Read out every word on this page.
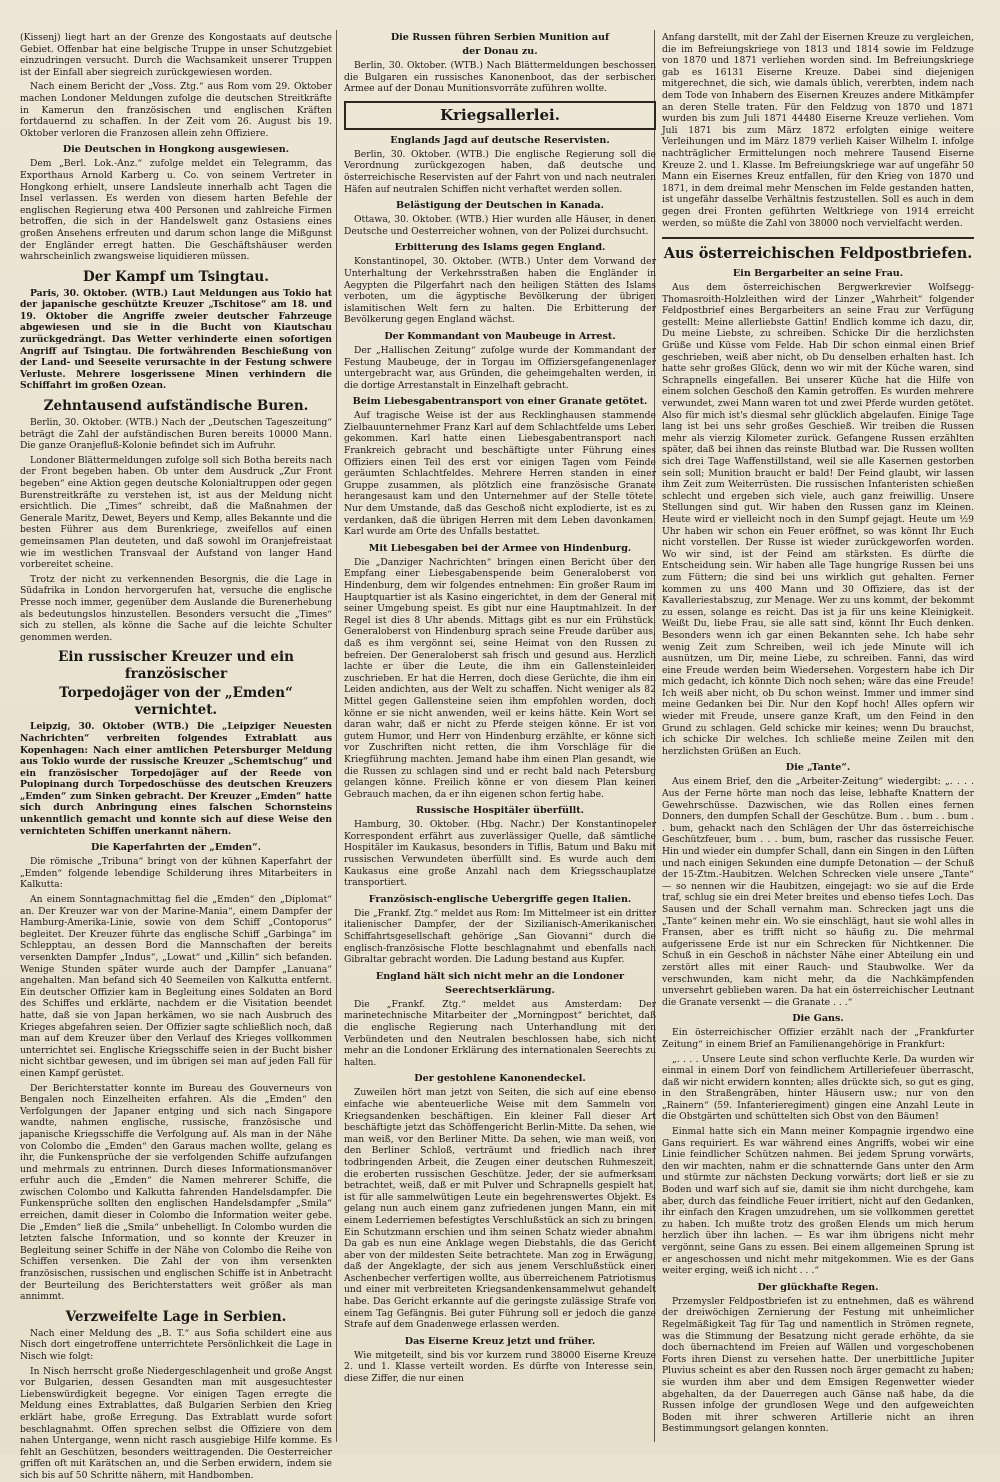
(Kissenj) liegt hart an der Grenze des Kongostaats auf deutsche Gebiet. Offenbar hat eine belgische Truppe in unser Schutzgebiet einzudringen versucht. Durch die Wachsamkeit unserer Truppen ist der Einfall aber siegreich zurückgewiesen worden.

Nach einem Bericht der „Voss. Ztg.“ aus Rom vom 29. Oktober machen Londoner Meldungen zufolge die deutschen Streitkräfte in Kamerun den französischen und englischen Kräften fortdauernd zu schaffen. In der Zeit vom 26. August bis 19. Oktober verloren die Franzosen allein zehn Offiziere.

Die Deutschen in Hongkong ausgewiesen.

Dem „Berl. Lok.-Anz.“ zufolge meldet ein Telegramm, das Exporthaus Arnold Karberg u. Co. von seinem Vertreter in Hongkong erhielt, unsere Landsleute innerhalb acht Tagen die Insel verlassen. Es werden von diesem harten Befehle der englischen Regierung etwa 400 Personen und zahlreiche Firmen betroffen, die sich in der Handelswelt ganz Ostasiens eines großen Ansehens erfreuten und darum schon lange die Mißgunst der Engländer erregt hatten. Die Geschäftshäuser werden wahrscheinlich zwangsweise liquidieren müssen.

Der Kampf um Tsingtau.

Paris, 30. Oktober. (WTB.) Laut Meldungen aus Tokio hat der japanische geschützte Kreuzer „Tschitose“ am 18. und 19. Oktober die Angriffe zweier deutscher Fahrzeuge abgewiesen und sie in die Bucht von Kiautschau zurückgedrängt. Das Wetter verhinderte einen sofortigen Angriff auf Tsingtau. Die fortwährenden Beschießung von der Land- und Seeseite verursachte in der Festung schwere Verluste. Mehrere losgerissene Minen verhindern die Schiffahrt im großen Ozean.

Zehntausend aufständische Buren.

Berlin, 30. Oktober. (WTB.) Nach der „Deutschen Tageszeitung“ beträgt die Zahl der aufständischen Buren bereits 10000 Mann. Die ganze Oranjefluß-Kolonie befindet sich im Aufruhr.

Londoner Blättermeldungen zufolge soll sich Botha bereits nach der Front begeben haben. Ob unter dem Ausdruck „Zur Front begeben“ eine Aktion gegen deutsche Kolonialtruppen oder gegen Burenstreitkräfte zu verstehen ist, ist aus der Meldung nicht ersichtlich. Die „Times“ schreibt, daß die Maßnahmen der Generale Maritz, Dewet, Beyers und Kemp, alles Bekannte und die besten Führer aus dem Burenkriege, zweifellos auf einen gemeinsamen Plan deuteten, und daß sowohl im Oranjefreistaat wie im westlichen Transvaal der Aufstand von langer Hand vorbereitet scheine.

Trotz der nicht zu verkennenden Besorgnis, die die Lage in Südafrika in London hervorgerufen hat, versuche die englische Presse noch immer, gegenüber dem Auslande die Burenerhebung als bedeutungslos hinzustellen. Besonders versucht die „Times“ sich zu stellen, als könne die Sache auf die leichte Schulter genommen werden.

Ein russischer Kreuzer und ein französischer
Torpedojäger von der „Emden“ vernichtet.

Leipzig, 30. Oktober (WTB.) Die „Leipziger Neuesten Nachrichten“ verbreiten folgendes Extrablatt aus Kopenhagen: Nach einer amtlichen Petersburger Meldung aus Tokio wurde der russische Kreuzer „Schemtschug“ und ein französischer Torpedojäger auf der Reede von Pulopinang durch Torpedoschüsse des deutschen Kreuzers „Emden“ zum Sinken gebracht. Der Kreuzer „Emden“ hatte sich durch Anbringung eines falschen Schornsteins unkenntlich gemacht und konnte sich auf diese Weise den vernichteten Schiffen unerkannt nähern.

Die Kaperfahrten der „Emden“.

Die römische „Tribuna“ bringt von der kühnen Kaperfahrt der „Emden“ folgende lebendige Schilderung ihres Mitarbeiters in Kalkutta:

An einem Sonntagnachmittag fiel die „Emden“ den „Diplomat“ an. Der Kreuzer war von der Marine-Mania“, einem Dampfer der Hamburg-Amerika-Linie, sowie von dem Schiff „Contoporus“ begleitet. Der Kreuzer führte das englische Schiff „Garbinga“ im Schlepptau, an dessen Bord die Mannschaften der bereits versenkten Dampfer „Indus“, „Lowat“ und „Killin“ sich befanden. Wenige Stunden später wurde auch der Dampfer „Lanuana“ angehalten. Man befand sich 40 Seemeilen von Kalkutta entfernt. Ein deutscher Offizier kam in Begleitung eines Soldaten an Bord des Schiffes und erklärte, nachdem er die Visitation beendet hatte, daß sie von Japan herkämen, wo sie nach Ausbruch des Krieges abgefahren seien. Der Offizier sagte schließlich noch, daß man auf dem Kreuzer über den Verlauf des Krieges vollkommen unterrichtet sei. Englische Kriegsschiffe seien in der Bucht bisher nicht sichtbar gewesen, und im übrigen sei man auf jeden Fall für einen Kampf gerüstet.

Der Berichterstatter konnte im Bureau des Gouverneurs von Bengalen noch Einzelheiten erfahren. Als die „Emden“ den Verfolgungen der Japaner entging und sich nach Singapore wandte, nahmen englische, russische, französische und japanische Kriegsschiffe die Verfolgung auf. Als man in der Nähe von Colombo die „Emden“ den Garaus machen wollte, gelang es ihr, die Funkensprüche der sie verfolgenden Schiffe aufzufangen und mehrmals zu entrinnen. Durch dieses Informationsmanöver erfuhr auch die „Emden“ die Namen mehrerer Schiffe, die zwischen Colombo und Kalkutta fahrenden Handelsdampfer. Die Funkensprüche sollten den englischen Handelsdampfer „Smila“ erreichen, damit dieser in Colombo die Information weiter gebe. Die „Emden“ ließ die „Smila“ unbehelligt. In Colombo wurden die letzten falsche Information, und so konnte der Kreuzer in Begleitung seiner Schiffe in der Nähe von Colombo die Reihe von Schiffen versenken. Die Zahl der von ihm versenkten französischen, russischen und englischen Schiffe ist in Anbetracht der Beurteilung des Berichterstatters weit größer als man annimmt.

Verzweifelte Lage in Serbien.

Nach einer Meldung des „B. T.“ aus Sofia schildert eine aus Nisch dort eingetroffene unterrichtete Persönlichkeit die Lage in Nisch wie folgt:

In Nisch herrscht große Niedergeschlagenheit und große Angst vor Bulgarien, dessen Gesandten man mit ausgesuchtester Liebenswürdigkeit begegne. Vor einigen Tagen erregte die Meldung eines Extrablattes, daß Bulgarien Serbien den Krieg erklärt habe, große Erregung. Das Extrablatt wurde sofort beschlagnahmt. Offen sprechen selbst die Offiziere von dem nahen Untergange, wenn nicht rasch ausgiebige Hilfe komme. Es fehlt an Geschützen, besonders weittragenden. Die Oesterreicher griffen oft mit Karätschen an, und die Serben erwidern, indem sie sich bis auf 50 Schritte nähern, mit Handbomben.

Die Russen führen Serbien Munition auf
der Donau zu.

Berlin, 30. Oktober. (WTB.) Nach Blättermeldungen beschossen die Bulgaren ein russisches Kanonenboot, das der serbischen Armee auf der Donau Munitionsvorräte zuführen wollte.

Kriegsallerlei.
Englands Jagd auf deutsche Reservisten.

Berlin, 30. Oktober. (WTB.) Die englische Regierung soll die Verordnung zurückgezogen haben, daß deutsche und österreichische Reservisten auf der Fahrt von und nach neutralen Häfen auf neutralen Schiffen nicht verhaftet werden sollen.

Belästigung der Deutschen in Kanada.

Ottawa, 30. Oktober. (WTB.) Hier wurden alle Häuser, in denen Deutsche und Oesterreicher wohnen, von der Polizei durchsucht.

Erbitterung des Islams gegen England.

Konstantinopel, 30. Oktober. (WTB.) Unter dem Vorwand der Unterhaltung der Verkehrsstraßen haben die Engländer in Aegypten die Pilgerfahrt nach den heiligen Stätten des Islams verboten, um die ägyptische Bevölkerung der übrigen islamitischen Welt fern zu halten. Die Erbitterung der Bevölkerung gegen England wächst.

Der Kommandant von Maubeuge in Arrest.

Der „Hallischen Zeitung“ zufolge wurde der Kommandant der Festung Maubeuge, der in Torgau im Offiziersgefangenenlager untergebracht war, aus Gründen, die geheimgehalten werden, in die dortige Arrestanstalt in Einzelhaft gebracht.

Beim Liebesgabentransport von einer Granate getötet.

Auf tragische Weise ist der aus Recklinghausen stammende Zielbauunternehmer Franz Karl auf dem Schlachtfelde ums Leben gekommen. Karl hatte einen Liebesgabentransport nach Frankreich gebracht und beschäftigte unter Führung eines Offiziers einen Teil des erst vor einigen Tagen vom Feinde geräumten Schlachtfeldes. Mehrere Herren standen in einer Gruppe zusammen, als plötzlich eine französische Granate herangesaust kam und den Unternehmer auf der Stelle tötete. Nur dem Umstande, daß das Geschoß nicht explodierte, ist es zu verdanken, daß die übrigen Herren mit dem Leben davonkamen. Karl wurde am Orte des Unfalls bestattet.

Mit Liebesgaben bei der Armee von Hindenburg.

Die „Danziger Nachrichten“ bringen einen Bericht über den Empfang einer Liebesgabenspende beim Generaloberst von Hindenburg, dem wir folgendes entnehmen: Ein großer Raum im Hauptquartier ist als Kasino eingerichtet, in dem der General mit seiner Umgebung speist. Es gibt nur eine Hauptmahlzeit. In der Regel ist dies 8 Uhr abends. Mittags gibt es nur ein Frühstück. Generaloberst von Hindenburg sprach seine Freude darüber aus, daß es ihm vergönnt sei, seine Heimat von den Russen zu befreien. Der Generaloberst sah frisch und gesund aus. Herzlich lachte er über die Leute, die ihm ein Gallensteinleiden zuschrieben. Er hat die Herren, doch diese Gerüchte, die ihm ein Leiden andichten, aus der Welt zu schaffen. Nicht weniger als 82 Mittel gegen Gallensteine seien ihm empfohlen worden, doch könne er sie nicht anwenden, weil er keins hätte. Kein Wort sei daran wahr, daß er nicht zu Pferde steigen könne. Er ist von gutem Humor, und Herr von Hindenburg erzählte, er könne sich vor Zuschriften nicht retten, die ihm Vorschläge für die Kriegführung machten. Jemand habe ihm einen Plan gesandt, wie die Russen zu schlagen sind und er recht bald nach Petersburg gelangen könne. Freilich könne er von diesem Plan keinen Gebrauch machen, da er ihn eigenen schon fertig habe.

Russische Hospitäler überfüllt.

Hamburg, 30. Oktober. (Hbg. Nachr.) Der Konstantinopeler Korrespondent erfährt aus zuverlässiger Quelle, daß sämtliche Hospitäler im Kaukasus, besonders in Tiflis, Batum und Baku mit russischen Verwundeten überfüllt sind. Es wurde auch dem Kaukasus eine große Anzahl nach dem Kriegsschauplatze transportiert.

Französisch-englische Uebergriffe gegen Italien.

Die „Frankf. Ztg.“ meldet aus Rom: Im Mittelmeer ist ein dritter italienischer Dampfer, der der Sizilianisch-Amerikanischen Schiffahrtsgesellschaft gehörige „San Giovanni“ durch die englisch-französische Flotte beschlagnahmt und ebenfalls nach Gibraltar gebracht worden. Die Ladung bestand aus Kupfer.

England hält sich nicht mehr an die Londoner
Seerechtserklärung.

Die „Frankf. Ztg.“ meldet aus Amsterdam: Der marinetechnische Mitarbeiter der „Morningpost“ berichtet, daß die englische Regierung nach Unterhandlung mit den Verbündeten und den Neutralen beschlossen habe, sich nicht mehr an die Londoner Erklärung des internationalen Seerechts zu halten.

Der gestohlene Kanonendeckel.

Zuweilen hört man jetzt von Seiten, die sich auf eine ebenso einfache wie abenteuerliche Weise mit dem Sammeln von Kriegsandenken beschäftigen. Ein kleiner Fall dieser Art beschäftigte jetzt das Schöffengericht Berlin-Mitte. Da sehen, wie man weiß, vor den Berliner Mitte. Da sehen, wie man weiß, von den Berliner Schloß, verträumt und friedlich nach ihrer todbringenden Arbeit, die Zeugen einer deutschen Ruhmeszeit, die eroberten russischen Geschütze. Jeder, der sie aufmerksam betrachtet, weiß, daß er mit Pulver und Schrapnells gespielt hat, ist für alle sammelwütigen Leute ein begehrenswertes Objekt. Es gelang nun auch einem ganz zufriedenen jungen Mann, ein mit einem Lederriemen befestigtes Verschlußstück an sich zu bringen. Ein Schutzmann erschien und ihm seinen Schatz wieder abnahm. Da gab es nun eine Anklage wegen Diebstahls, die das Gericht aber von der mildesten Seite betrachtete. Man zog in Erwägung, daß der Angeklagte, der sich aus jenem Verschlußstück einen Aschenbecher verfertigen wollte, aus überreichenem Patriotismus und einer mit verbreiteten Kriegsandenkensammelwut gehandelt habe. Das Gericht erkannte auf die geringste zulässige Strafe von einem Tag Gefängnis. Bei guter Führung soll er jedoch die ganze Strafe auf dem Gnadenwege erlassen werden.

Das Eiserne Kreuz jetzt und früher.

Wie mitgeteilt, sind bis vor kurzem rund 38000 Eiserne Kreuze 2. und 1. Klasse verteilt worden. Es dürfte von Interesse sein, diese Ziffer, die nur einen

Anfang darstellt, mit der Zahl der Eisernen Kreuze zu vergleichen, die im Befreiungskriege von 1813 und 1814 sowie im Feldzuge von 1870 und 1871 verliehen worden sind. Im Befreiungskriege gab es 16131 Eiserne Kreuze. Dabei sind diejenigen mitgerechnet, die sich, wie damals üblich, vererbten, indem nach dem Tode von Inhabern des Eisernen Kreuzes andere Mitkämpfer an deren Stelle traten. Für den Feldzug von 1870 und 1871 wurden bis zum Juli 1871 44480 Eiserne Kreuze verliehen. Vom Juli 1871 bis zum März 1872 erfolgten einige weitere Verleihungen und im März 1879 verlieh Kaiser Wilhelm I. infolge nachträglicher Ermittelungen noch mehrere Tausend Eiserne Kreuze 2. und 1. Klasse. Im Befreiungskriege war auf ungefähr 50 Mann ein Eisernes Kreuz entfallen, für den Krieg von 1870 und 1871, in dem dreimal mehr Menschen im Felde gestanden hatten, ist ungefähr dasselbe Verhältnis festzustellen. Soll es auch in dem gegen drei Fronten geführten Weltkriege von 1914 erreicht werden, so müßte die Zahl von 38000 noch vervielfacht werden.

Aus österreichischen Feldpostbriefen.
Ein Bergarbeiter an seine Frau.

Aus dem österreichischen Bergwerkrevier Wolfsegg-Thomasroith-Holzleithen wird der Linzer „Wahrheit“ folgender Feldpostbrief eines Bergarbeiters an seine Frau zur Verfügung gestellt: Meine allerliebste Gattin! Endlich komme ich dazu, dir, Du meine Liebste, zu schreiben. Schicke Dir die herzlichsten Grüße und Küsse vom Felde. Hab Dir schon einmal einen Brief geschrieben, weiß aber nicht, ob Du denselben erhalten hast. Ich hatte sehr großes Glück, denn wo wir mit der Küche waren, sind Schrapnells eingefallen. Bei unserer Küche hat die Hilfe von einem solchen Geschoß den Kamin getroffen. Es wurden mehrere verwundet, zwei Mann waren tot und zwei Pferde wurden getötet. Also für mich ist's diesmal sehr glücklich abgelaufen. Einige Tage lang ist bei uns sehr großes Geschieß. Wir treiben die Russen mehr als vierzig Kilometer zurück. Gefangene Russen erzählten später, daß bei ihnen das reinste Blutbad war. Die Russen wollten sich drei Tage Waffenstillstand, weil sie alle Kasernen gestorben sein soll; Munition braucht er bald! Der Feind glaubt, wir lassen ihm Zeit zum Weiterrüsten. Die russischen Infanteristen schießen schlecht und ergeben sich viele, auch ganz freiwillig. Unsere Stellungen sind gut. Wir haben den Russen ganz im Kleinen. Heute wird er vielleicht noch in den Sumpf gejagt. Heute um ½9 Uhr haben wir schon ein Feuer eröffnet, so was könnt Ihr Euch nicht vorstellen. Der Russe ist wieder zurückgeworfen worden. Wo wir sind, ist der Feind am stärksten. Es dürfte die Entscheidung sein. Wir haben alle Tage hungrige Russen bei uns zum Füttern; die sind bei uns wirklich gut gehalten. Ferner kommen zu uns 400 Mann und 30 Offiziere, das ist der Kavalleriestabszug, zur Menage. Wer zu uns kommt, der bekommt zu essen, solange es reicht. Das ist ja für uns keine Kleinigkeit. Weißt Du, liebe Frau, sie alle satt sind, könnt Ihr Euch denken. Besonders wenn ich gar einen Bekannten sehe. Ich habe sehr wenig Zeit zum Schreiben, weil ich jede Minute will ich ausnützen, um Dir, meine Liebe, zu schreiben. Fanni, das wird eine Freude werden beim Wiedersehen. Vorgestern habe ich Dir mich gedacht, ich könnte Dich noch sehen; wäre das eine Freude! Ich weiß aber nicht, ob Du schon weinst. Immer und immer sind meine Gedanken bei Dir. Nur den Kopf hoch! Alles opfern wir wieder mit Freude, unsere ganze Kraft, um den Feind in den Grund zu schlagen. Geld schicke mir keines; wenn Du brauchst, ich schicke Dir welches. Ich schließe meine Zeilen mit den herzlichsten Grüßen an Euch.

Die „Tante“.

Aus einem Brief, den die „Arbeiter-Zeitung“ wiedergibt: „. . . . Aus der Ferne hörte man noch das leise, lebhafte Knattern der Gewehrschüsse. Dazwischen, wie das Rollen eines fernen Donners, den dumpfen Schall der Geschütze. Bum . . bum . . bum . . bum, gehackt nach den Schlägen der Uhr das österreichische Geschützfeuer, bum . . . bum, bum, rascher das russische Feuer. Hin und wieder ein dumpfer Schall, dann ein Singen in den Lüften und nach einigen Sekunden eine dumpfe Detonation — der Schuß der 15-Ztm.-Haubitzen. Welchen Schrecken viele unsere „Tante“ — so nennen wir die Haubitzen, eingejagt: wo sie auf die Erde traf, schlug sie ein drei Meter breites und ebenso tiefes Loch. Das Sausen und der Schall vernahm man. Schrecken jagt uns die „Tante“ keinen mehr ein. Wo sie einschlägt, haut sie wohl alles in Fransen, aber es trifft nicht so häufig zu. Die mehrmal aufgerissene Erde ist nur ein Schrecken für Nichtkenner. Die Schuß in ein Geschoß in nächster Nähe einer Abteilung ein und zerstört alles mit einer Rauch- und Staubwolke. Wer da verschwunden, kam nicht mehr, da die Nachkämpfenden unversehrt geblieben waren. Da hat ein österreichischer Leutnant die Granate versenkt — die Granate . . .“

Die Gans.

Ein österreichischer Offizier erzählt nach der „Frankfurter Zeitung“ in einem Brief an Familienangehörige in Frankfurt:

„. . . . Unsere Leute sind schon verfluchte Kerle. Da wurden wir einmal in einem Dorf von feindlichem Artilleriefeuer überrascht, daß wir nicht erwidern konnten; alles drückte sich, so gut es ging, in den Straßengräben, hinter Häusern usw.; nur von den „Rainern“ (59. Infanterieregiment) gingen eine Anzahl Leute in die Obstgärten und schüttelten sich Obst von den Bäumen!

Einmal hatte sich ein Mann meiner Kompagnie irgendwo eine Gans requiriert. Es war während eines Angriffs, wobei wir eine Linie feindlicher Schützen nahmen. Bei jedem Sprung vorwärts, den wir machten, nahm er die schnatternde Gans unter den Arm und stürmte zur nächsten Deckung vorwärts; dort ließ er sie zu Boden und warf sich auf sie, damit sie ihm nicht durchgehe, kam aber, durch das feindliche Feuer irritiert, nicht auf den Gedanken, ihr einfach den Kragen umzudrehen, um sie vollkommen gerettet zu haben. Ich mußte trotz des großen Elends um mich herum herzlich über ihn lachen. — Es war ihm übrigens nicht mehr vergönnt, seine Gans zu essen. Bei einem allgemeinen Sprung ist er angeschossen und nicht mehr mitgekommen. Wie es der Gans weiter erging, weiß ich nicht . . .“

Der glückhafte Regen.

Przemysler Feldpostbriefen ist zu entnehmen, daß es während der dreiwöchigen Zernierung der Festung mit unheimlicher Regelmäßigkeit Tag für Tag und namentlich in Strömen regnete, was die Stimmung der Besatzung nicht gerade erhöhte, da sie doch übernachtend im Freien auf Wällen und vorgeschobenen Forts ihren Dienst zu versehen hatte. Der unerbittliche Jupiter Pluvius scheint es aber den Russen noch ärger gemacht zu haben; sie wurden ihm aber und dem Emsigen Regenwetter wieder abgehalten, da der Dauerregen auch Gänse naß habe, da die Russen infolge der grundlosen Wege und den aufgeweichten Boden mit ihrer schweren Artillerie nicht an ihren Bestimmungsort gelangen konnten.
